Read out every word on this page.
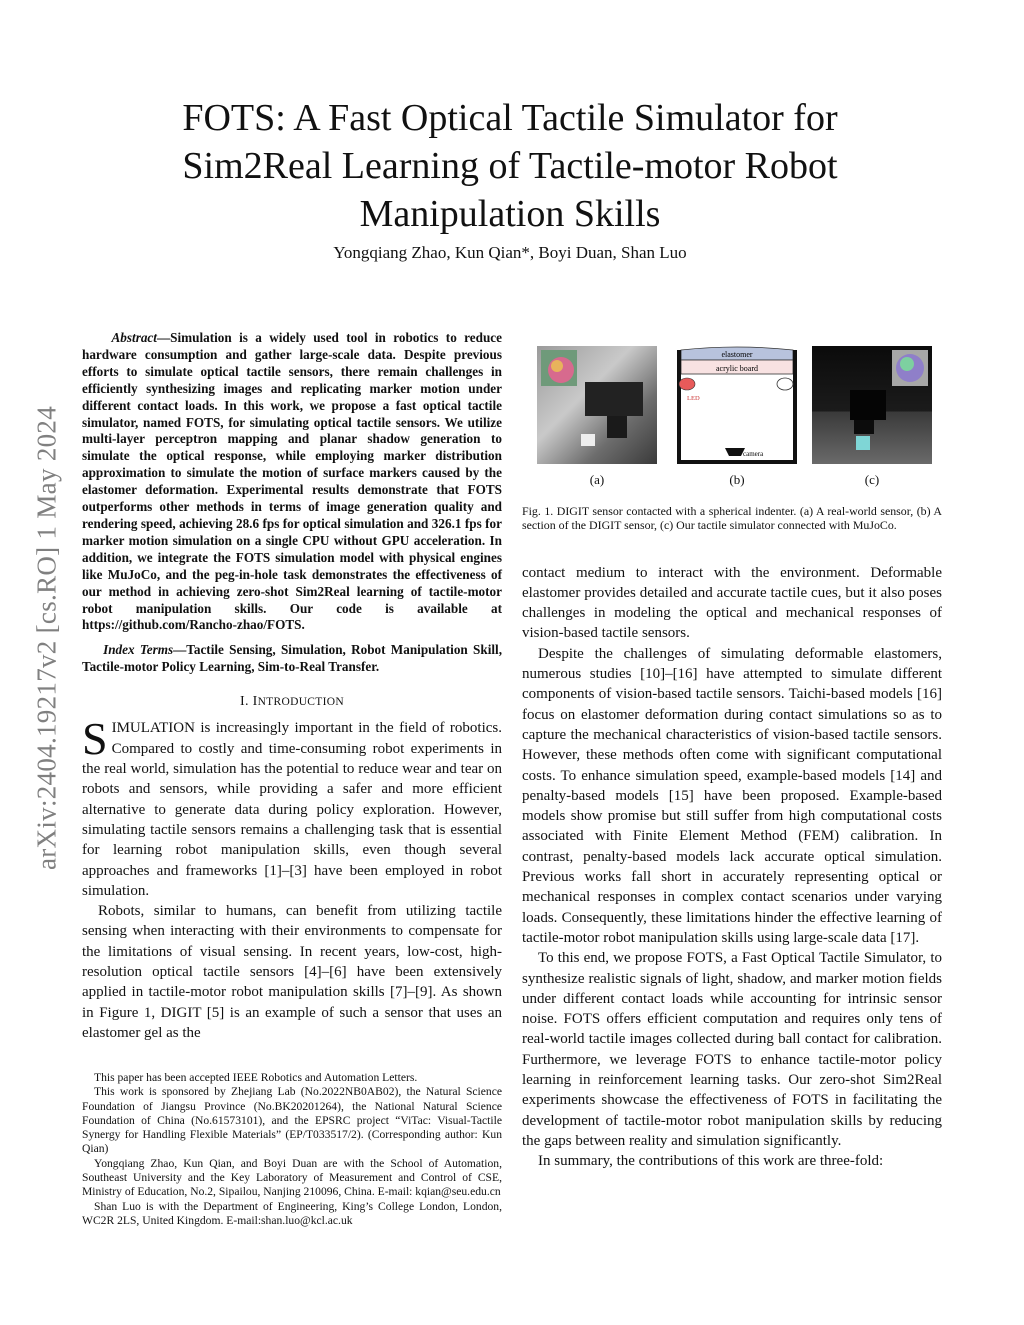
arXiv:2404.19217v2 [cs.RO] 1 May 2024
FOTS: A Fast Optical Tactile Simulator for Sim2Real Learning of Tactile-motor Robot Manipulation Skills
Yongqiang Zhao, Kun Qian*, Boyi Duan, Shan Luo

Abstract—Simulation is a widely used tool in robotics to reduce hardware consumption and gather large-scale data. Despite previous efforts to simulate optical tactile sensors, there remain challenges in efficiently synthesizing images and replicating marker motion under different contact loads. In this work, we propose a fast optical tactile simulator, named FOTS, for simulating optical tactile sensors. We utilize multi-layer perceptron mapping and planar shadow generation to simulate the optical response, while employing marker distribution approximation to simulate the motion of surface markers caused by the elastomer deformation. Experimental results demonstrate that FOTS outperforms other methods in terms of image generation quality and rendering speed, achieving 28.6 fps for optical simulation and 326.1 fps for marker motion simulation on a single CPU without GPU acceleration. In addition, we integrate the FOTS simulation model with physical engines like MuJoCo, and the peg-in-hole task demonstrates the effectiveness of our method in achieving zero-shot Sim2Real learning of tactile-motor robot manipulation skills. Our code is available at https://github.com/Rancho-zhao/FOTS.

Index Terms—Tactile Sensing, Simulation, Robot Manipulation Skill, Tactile-motor Policy Learning, Sim-to-Real Transfer.

I. INTRODUCTION

SIMULATION is increasingly important in the field of robotics. Compared to costly and time-consuming robot experiments in the real world, simulation has the potential to reduce wear and tear on robots and sensors, while providing a safer and more efficient alternative to generate data during policy exploration. However, simulating tactile sensors remains a challenging task that is essential for learning robot manipulation skills, even though several approaches and frameworks [1]–[3] have been employed in robot simulation.

Robots, similar to humans, can benefit from utilizing tactile sensing when interacting with their environments to compensate for the limitations of visual sensing. In recent years, low-cost, high-resolution optical tactile sensors [4]–[6] have been extensively applied in tactile-motor robot manipulation skills [7]–[9]. As shown in Figure 1, DIGIT [5] is an example of such a sensor that uses an elastomer gel as the

This paper has been accepted IEEE Robotics and Automation Letters.

This work is sponsored by Zhejiang Lab (No.2022NB0AB02), the Natural Science Foundation of Jiangsu Province (No.BK20201264), the National Natural Science Foundation of China (No.61573101), and the EPSRC project “ViTac: Visual-Tactile Synergy for Handling Flexible Materials” (EP/T033517/2). (Corresponding author: Kun Qian)

Yongqiang Zhao, Kun Qian, and Boyi Duan are with the School of Automation, Southeast University and the Key Laboratory of Measurement and Control of CSE, Ministry of Education, No.2, Sipailou, Nanjing 210096, China. E-mail: kqian@seu.edu.cn

Shan Luo is with the Department of Engineering, King’s College London, London, WC2R 2LS, United Kingdom. E-mail:shan.luo@kcl.ac.uk

elastomer
acrylic board
LED
camera
(a)	(b)	(c)

Fig. 1. DIGIT sensor contacted with a spherical indenter. (a) A real-world sensor, (b) A section of the DIGIT sensor, (c) Our tactile simulator connected with MuJoCo.

contact medium to interact with the environment. Deformable elastomer provides detailed and accurate tactile cues, but it also poses challenges in modeling the optical and mechanical responses of vision-based tactile sensors.

Despite the challenges of simulating deformable elastomers, numerous studies [10]–[16] have attempted to simulate different components of vision-based tactile sensors. Taichi-based models [16] focus on elastomer deformation during contact simulations so as to capture the mechanical characteristics of vision-based tactile sensors. However, these methods often come with significant computational costs. To enhance simulation speed, example-based models [14] and penalty-based models [15] have been proposed. Example-based models show promise but still suffer from high computational costs associated with Finite Element Method (FEM) calibration. In contrast, penalty-based models lack accurate optical simulation. Previous works fall short in accurately representing optical or mechanical responses in complex contact scenarios under varying loads. Consequently, these limitations hinder the effective learning of tactile-motor robot manipulation skills using large-scale data [17].

To this end, we propose FOTS, a Fast Optical Tactile Simulator, to synthesize realistic signals of light, shadow, and marker motion fields under different contact loads while accounting for intrinsic sensor noise. FOTS offers efficient computation and requires only tens of real-world tactile images collected during ball contact for calibration. Furthermore, we leverage FOTS to enhance tactile-motor policy learning in reinforcement learning tasks. Our zero-shot Sim2Real experiments showcase the effectiveness of FOTS in facilitating the development of tactile-motor robot manipulation skills by reducing the gaps between reality and simulation significantly.

In summary, the contributions of this work are three-fold:
